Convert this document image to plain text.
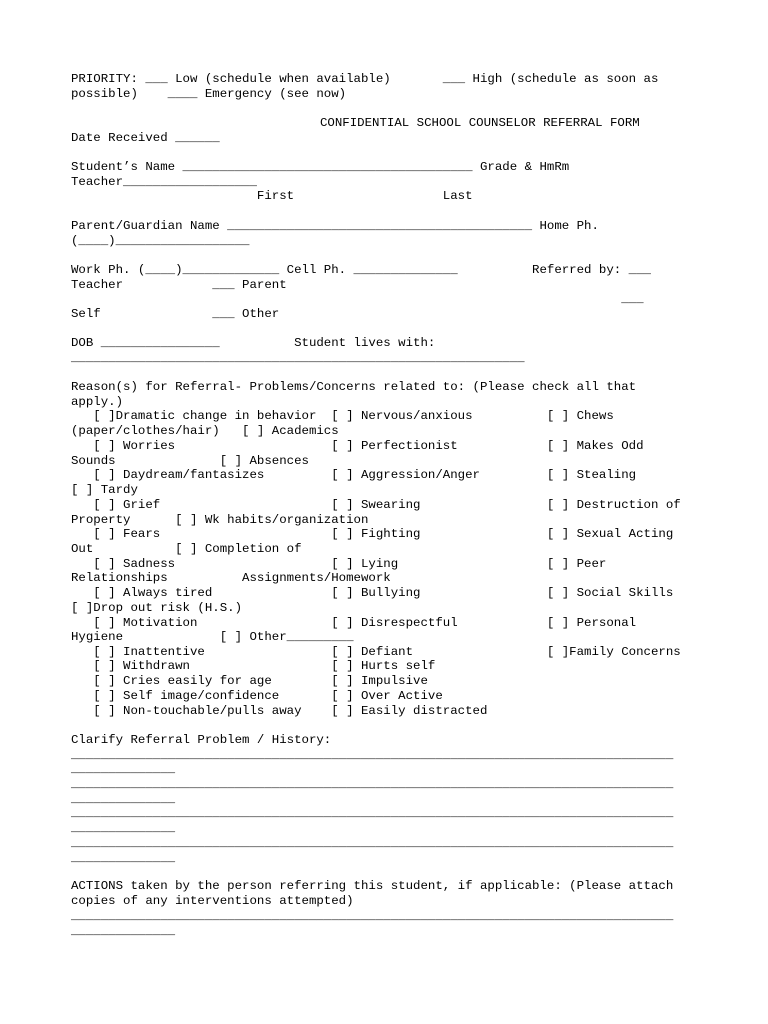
PRIORITY: ___ Low (schedule when available)       ___ High (schedule as soon as
possible)    ____ Emergency (see now)
CONFIDENTIAL SCHOOL COUNSELOR REFERRAL FORM
Date Received ______
Student’s Name _______________________________________ Grade & HmRm
Teacher__________________
First                    Last
Parent/Guardian Name _________________________________________ Home Ph.
(____)__________________
Work Ph. (____)_____________ Cell Ph. ______________          Referred by: ___
Teacher            ___ Parent
___
Self               ___ Other
DOB ________________          Student lives with:
_____________________________________________________________
Reason(s) for Referral- Problems/Concerns related to: (Please check all that
apply.)
[ ]Dramatic change in behavior  [ ] Nervous/anxious          [ ] Chews
(paper/clothes/hair)   [ ] Academics
[ ] Worries                     [ ] Perfectionist            [ ] Makes Odd
Sounds              [ ] Absences
[ ] Daydream/fantasizes         [ ] Aggression/Anger         [ ] Stealing
[ ] Tardy
[ ] Grief                       [ ] Swearing                 [ ] Destruction of
Property      [ ] Wk habits/organization
[ ] Fears                       [ ] Fighting                 [ ] Sexual Acting
Out           [ ] Completion of
[ ] Sadness                     [ ] Lying                    [ ] Peer
Relationships          Assignments/Homework
[ ] Always tired                [ ] Bullying                 [ ] Social Skills
[ ]Drop out risk (H.S.)
[ ] Motivation                  [ ] Disrespectful            [ ] Personal
Hygiene             [ ] Other_________
[ ] Inattentive                 [ ] Defiant                  [ ]Family Concerns
[ ] Withdrawn                   [ ] Hurts self
[ ] Cries easily for age        [ ] Impulsive
[ ] Self image/confidence       [ ] Over Active
[ ] Non-touchable/pulls away    [ ] Easily distracted
Clarify Referral Problem / History:
_________________________________________________________________________________
______________
_________________________________________________________________________________
______________
_________________________________________________________________________________
______________
_________________________________________________________________________________
______________
ACTIONS taken by the person referring this student, if applicable: (Please attach
copies of any interventions attempted)
_________________________________________________________________________________
______________
